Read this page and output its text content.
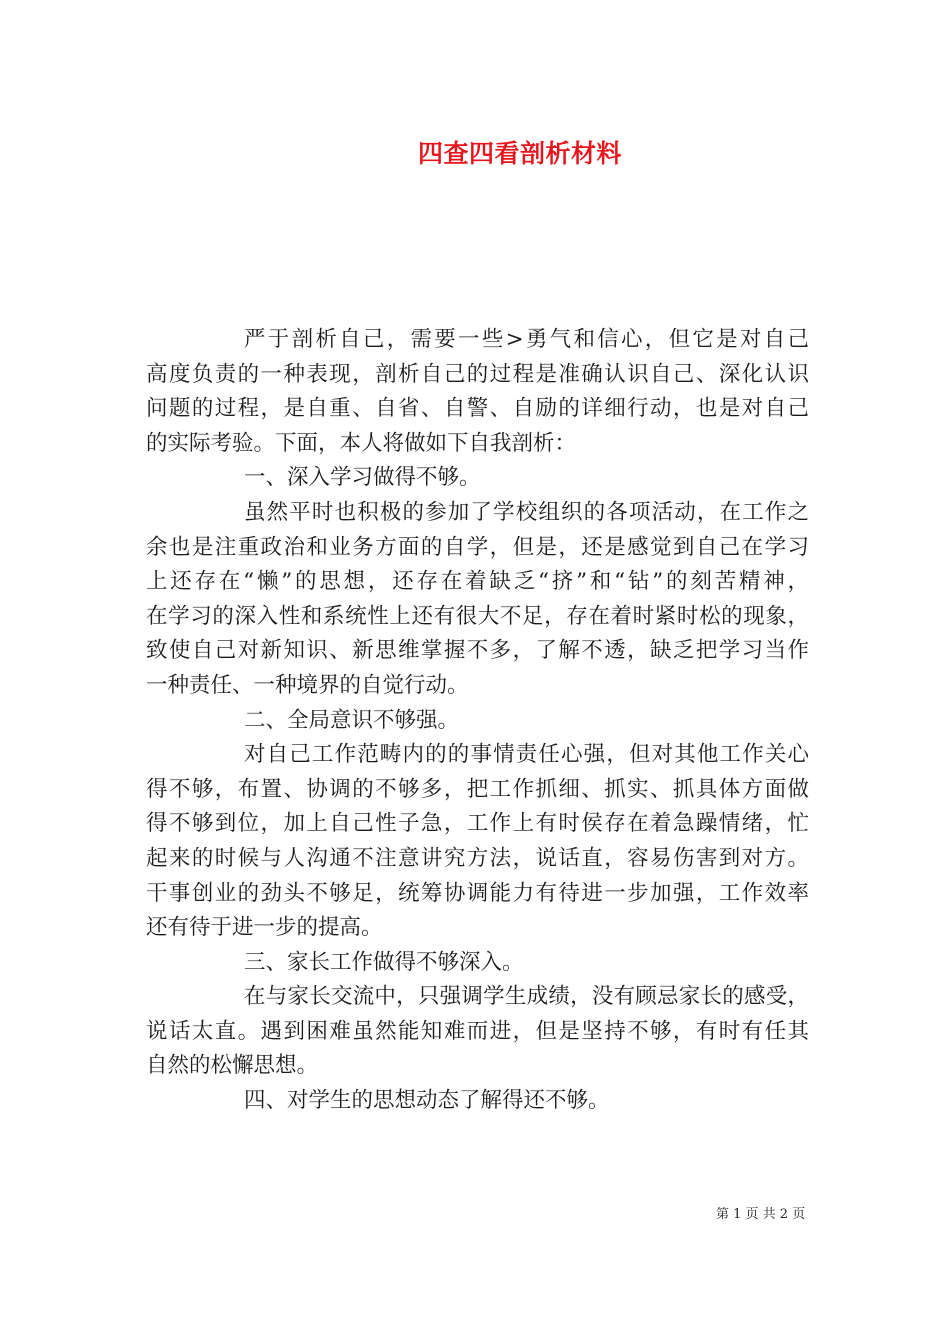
四查四看剖析材料
严于剖析自己，需要一些>勇气和信心，但它是对自己
高度负责的一种表现，剖析自己的过程是准确认识自己、深化认识
问题的过程，是自重、自省、自警、自励的详细行动，也是对自己
的实际考验。下面，本人将做如下自我剖析：
一、深入学习做得不够。
虽然平时也积极的参加了学校组织的各项活动，在工作之
余也是注重政治和业务方面的自学，但是，还是感觉到自己在学习
上还存在“懒”的思想，还存在着缺乏“挤”和“钻”的刻苦精神，
在学习的深入性和系统性上还有很大不足，存在着时紧时松的现象，
致使自己对新知识、新思维掌握不多，了解不透，缺乏把学习当作
一种责任、一种境界的自觉行动。
二、全局意识不够强。
对自己工作范畴内的的事情责任心强，但对其他工作关心
得不够，布置、协调的不够多，把工作抓细、抓实、抓具体方面做
得不够到位，加上自己性子急，工作上有时侯存在着急躁情绪，忙
起来的时候与人沟通不注意讲究方法，说话直，容易伤害到对方。
干事创业的劲头不够足，统筹协调能力有待进一步加强，工作效率
还有待于进一步的提高。
三、家长工作做得不够深入。
在与家长交流中，只强调学生成绩，没有顾忌家长的感受，
说话太直。遇到困难虽然能知难而进，但是坚持不够，有时有任其
自然的松懈思想。
四、对学生的思想动态了解得还不够。
第 1 页 共 2 页
